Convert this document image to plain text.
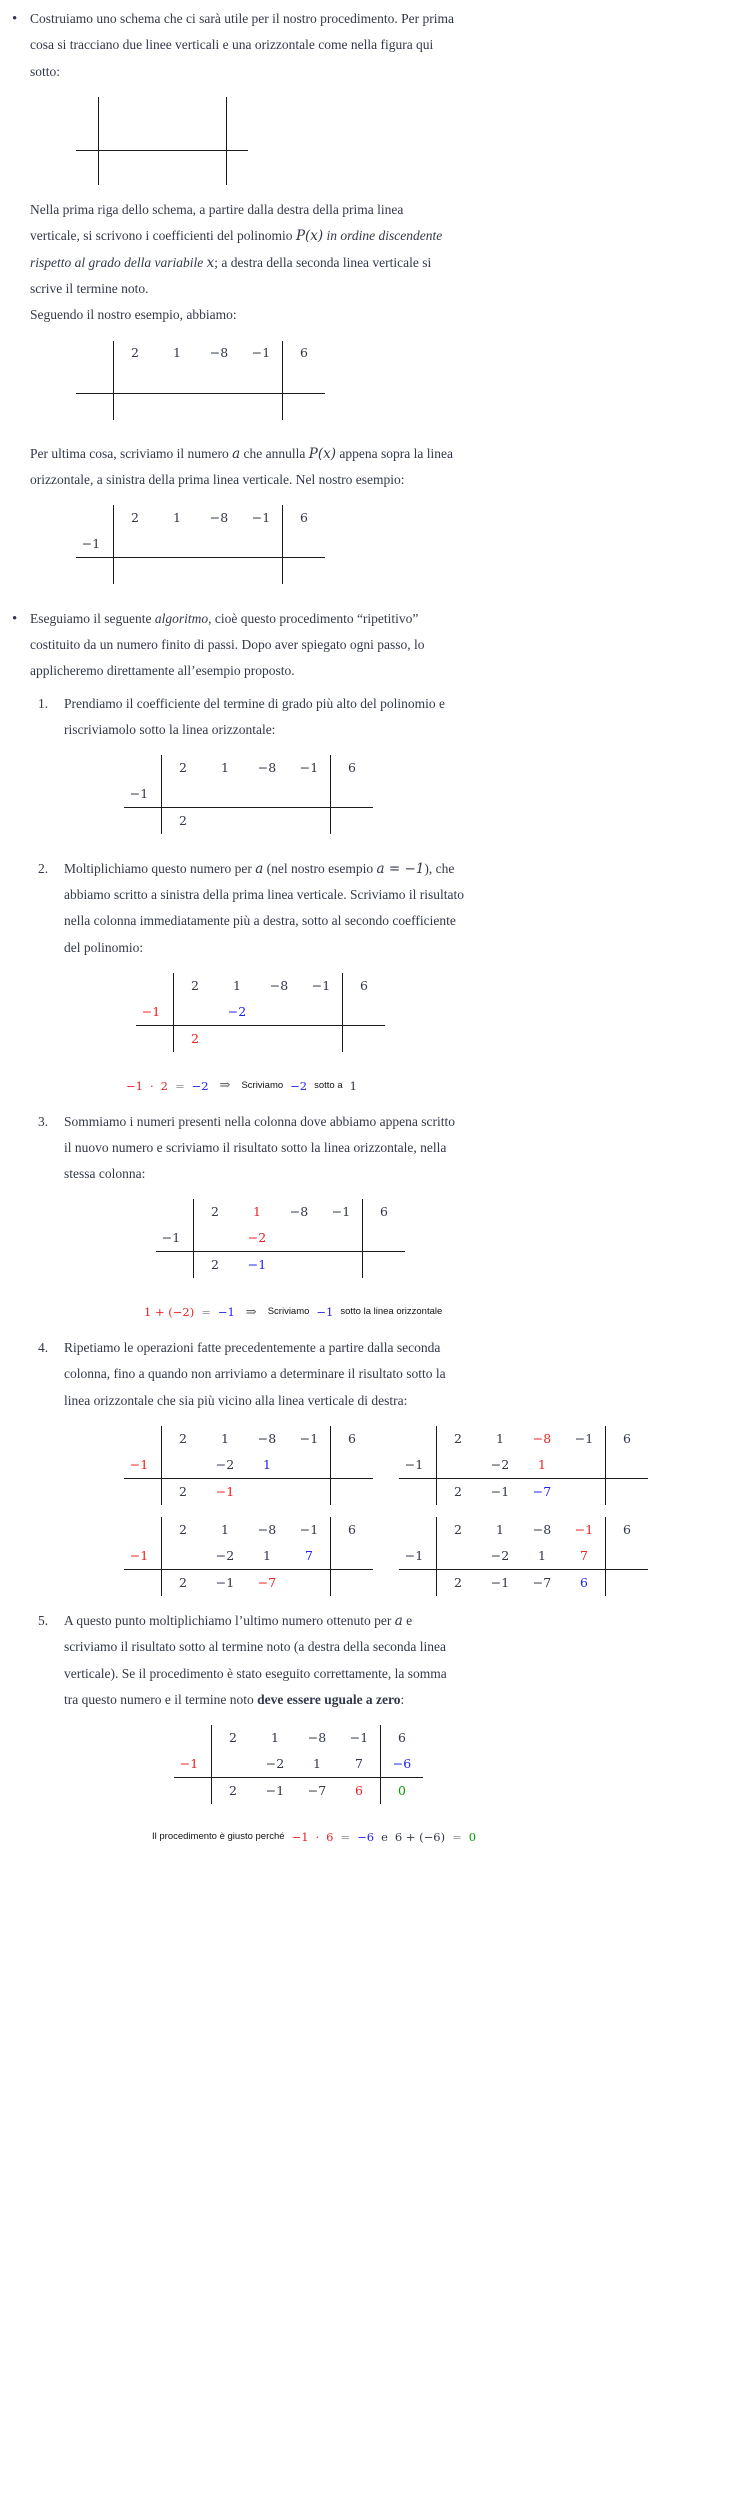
• Costruiamo uno schema che ci sarà utile per il nostro procedimento. Per prima cosa si tracciano due linee verticali e una orizzontale come nella figura qui sotto:

Nella prima riga dello schema, a partire dalla destra della prima linea verticale, si scrivono i coefficienti del polinomio P(x) in ordine discendente rispetto al grado della variabile x; a destra della seconda linea verticale si scrive il termine noto.

Seguendo il nostro esempio, abbiamo:

	2	1	−8	−1	6

Per ultima cosa, scriviamo il numero a che annulla P(x) appena sopra la linea orizzontale, a sinistra della prima linea verticale. Nel nostro esempio:

	2	1	−8	−1	6
−1					

• Eseguiamo il seguente algoritmo, cioè questo procedimento “ripetitivo” costituito da un numero finito di passi. Dopo aver spiegato ogni passo, lo applicheremo direttamente all’esempio proposto.

Prendiamo il coefficiente del termine di grado più alto del polinomio e riscriviamolo sotto la linea orizzontale:

	2	1	−8	−1	6
−1					
	2				

Moltiplichiamo questo numero per a (nel nostro esempio a = −1), che abbiamo scritto a sinistra della prima linea verticale. Scriviamo il risultato nella colonna immediatamente più a destra, sotto al secondo coefficiente del polinomio:

	2	1	−8	−1	6
−1		−2			
	2				
−1 · 2 = −2 ⇒	Scriviamo −2 sotto a 1

Sommiamo i numeri presenti nella colonna dove abbiamo appena scritto il nuovo numero e scriviamo il risultato sotto la linea orizzontale, nella stessa colonna:

	2	1	−8	−1	6
−1		−2			
	2	−1			
1 + (−2) = −1 ⇒	Scriviamo −1 sotto la linea orizzontale

Ripetiamo le operazioni fatte precedentemente a partire dalla seconda colonna, fino a quando non arriviamo a determinare il risultato sotto la linea orizzontale che sia più vicino alla linea verticale di destra:

	2	1	−8	−1	6
−1		−2	1		
	2	−1			
	2	1	−8	−1	6
−1		−2	1		
	2	−1	−7		
	2	1	−8	−1	6
−1		−2	1	7	
	2	−1	−7		
	2	1	−8	−1	6
−1		−2	1	7	
	2	−1	−7	6	

A questo punto moltiplichiamo l’ultimo numero ottenuto per a e scriviamo il risultato sotto al termine noto (a destra della seconda linea verticale). Se il procedimento è stato eseguito correttamente, la somma tra questo numero e il termine noto deve essere uguale a zero:

	2	1	−8	−1	6
−1		−2	1	7	−6
	2	−1	−7	6	0
Il procedimento è giusto perché −1 · 6 = −6 e 6 + (−6) = 0
